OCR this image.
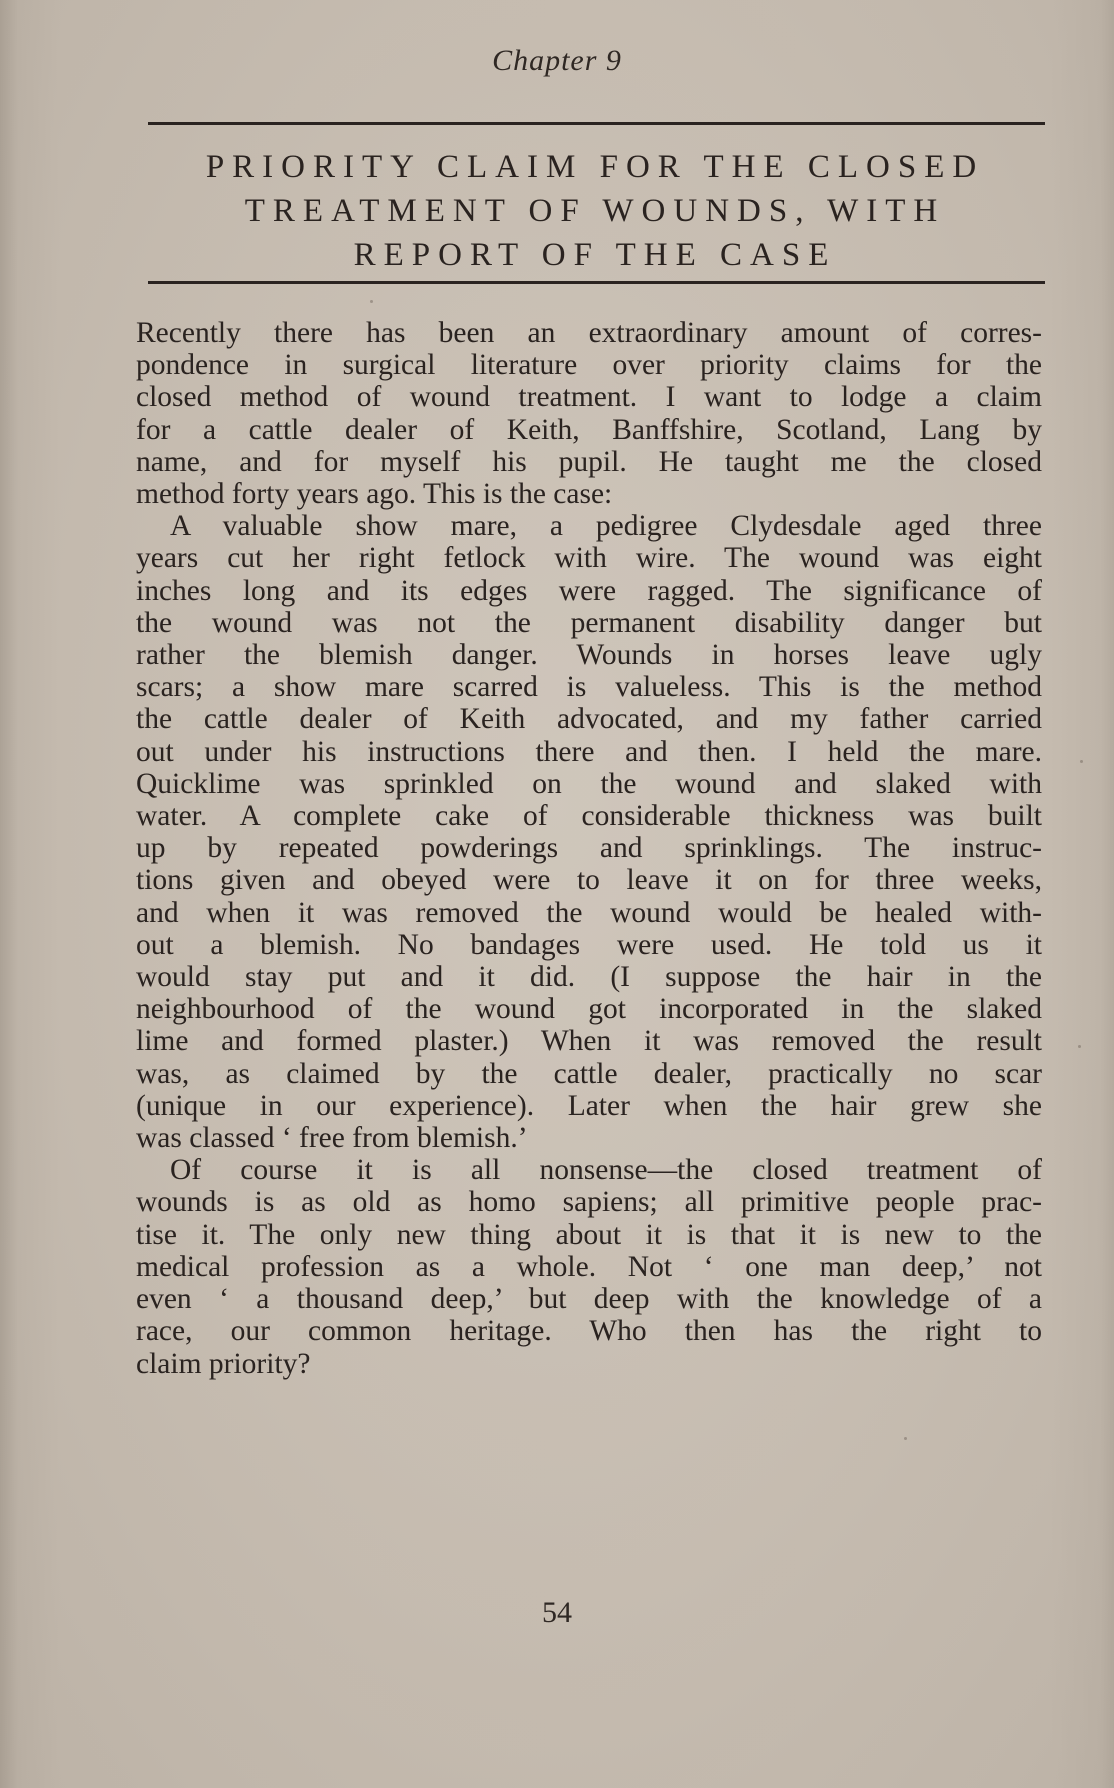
Chapter 9
PRIORITY CLAIM FOR THE CLOSED
TREATMENT OF WOUNDS, WITH
REPORT OF THE CASE
Recently there has been an extraordinary amount of corres-
pondence in surgical literature over priority claims for the
closed method of wound treatment. I want to lodge a claim
for a cattle dealer of Keith, Banffshire, Scotland, Lang by
name, and for myself his pupil. He taught me the closed
method forty years ago. This is the case:
A valuable show mare, a pedigree Clydesdale aged three
years cut her right fetlock with wire. The wound was eight
inches long and its edges were ragged. The significance of
the wound was not the permanent disability danger but
rather the blemish danger. Wounds in horses leave ugly
scars; a show mare scarred is valueless. This is the method
the cattle dealer of Keith advocated, and my father carried
out under his instructions there and then. I held the mare.
Quicklime was sprinkled on the wound and slaked with
water. A complete cake of considerable thickness was built
up by repeated powderings and sprinklings. The instruc-
tions given and obeyed were to leave it on for three weeks,
and when it was removed the wound would be healed with-
out a blemish. No bandages were used. He told us it
would stay put and it did. (I suppose the hair in the
neighbourhood of the wound got incorporated in the slaked
lime and formed plaster.) When it was removed the result
was, as claimed by the cattle dealer, practically no scar
(unique in our experience). Later when the hair grew she
was classed ‘ free from blemish.’
Of course it is all nonsense—the closed treatment of
wounds is as old as homo sapiens; all primitive people prac-
tise it. The only new thing about it is that it is new to the
medical profession as a whole. Not ‘ one man deep,’ not
even ‘ a thousand deep,’ but deep with the knowledge of a
race, our common heritage. Who then has the right to
claim priority?
54
